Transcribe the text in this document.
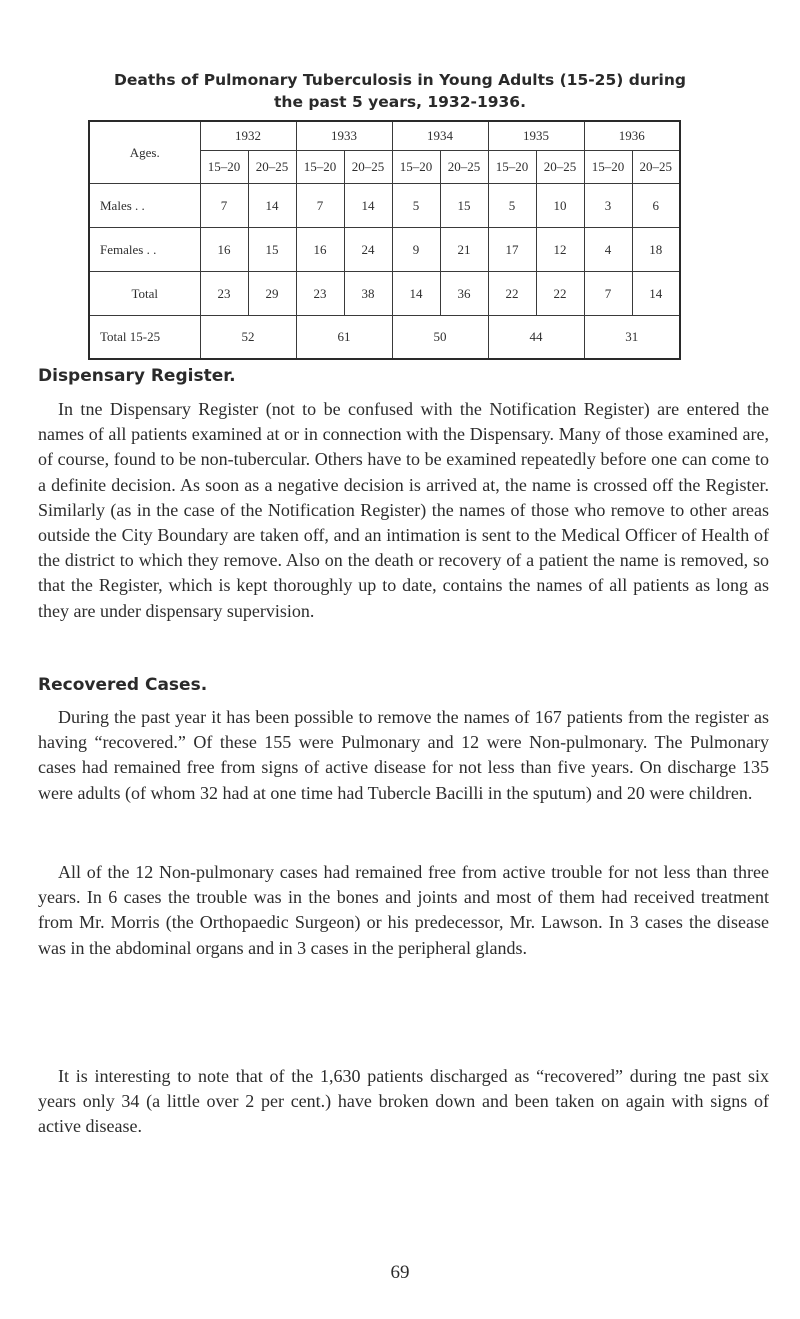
Deaths of Pulmonary Tuberculosis in Young Adults (15-25) during
the past 5 years, 1932-1936.
Ages.	1932		1933		1934		1935		1936	
	15–20	20–25	15–20	20–25	15–20	20–25	15–20	20–25	15–20	20–25
Males . .	7	14	7	14	5	15	5	10	3	6
Females . .	16	15	16	24	9	21	17	12	4	18
Total	23	29	23	38	14	36	22	22	7	14
Total 15-25	52		61		50		44		31	
Dispensary Register.

In tne Dispensary Register (not to be confused with the Notification Register) are entered the names of all patients examined at or in connection with the Dispensary. Many of those examined are, of course, found to be non-tubercular. Others have to be examined repeatedly before one can come to a definite decision. As soon as a negative decision is arrived at, the name is crossed off the Register. Similarly (as in the case of the Notification Register) the names of those who remove to other areas outside the City Boundary are taken off, and an intimation is sent to the Medical Officer of Health of the district to which they remove. Also on the death or recovery of a patient the name is removed, so that the Register, which is kept thoroughly up to date, contains the names of all patients as long as they are under dispensary supervision.

Recovered Cases.

During the past year it has been possible to remove the names of 167 patients from the register as having “recovered.” Of these 155 were Pulmonary and 12 were Non-pulmonary. The Pulmonary cases had remained free from signs of active disease for not less than five years. On discharge 135 were adults (of whom 32 had at one time had Tubercle Bacilli in the sputum) and 20 were children.

All of the 12 Non-pulmonary cases had remained free from active trouble for not less than three years. In 6 cases the trouble was in the bones and joints and most of them had received treatment from Mr. Morris (the Orthopaedic Surgeon) or his predecessor, Mr. Lawson. In 3 cases the disease was in the abdominal organs and in 3 cases in the peripheral glands.

It is interesting to note that of the 1,630 patients discharged as “recovered” during tne past six years only 34 (a little over 2 per cent.) have broken down and been taken on again with signs of active disease.

69
